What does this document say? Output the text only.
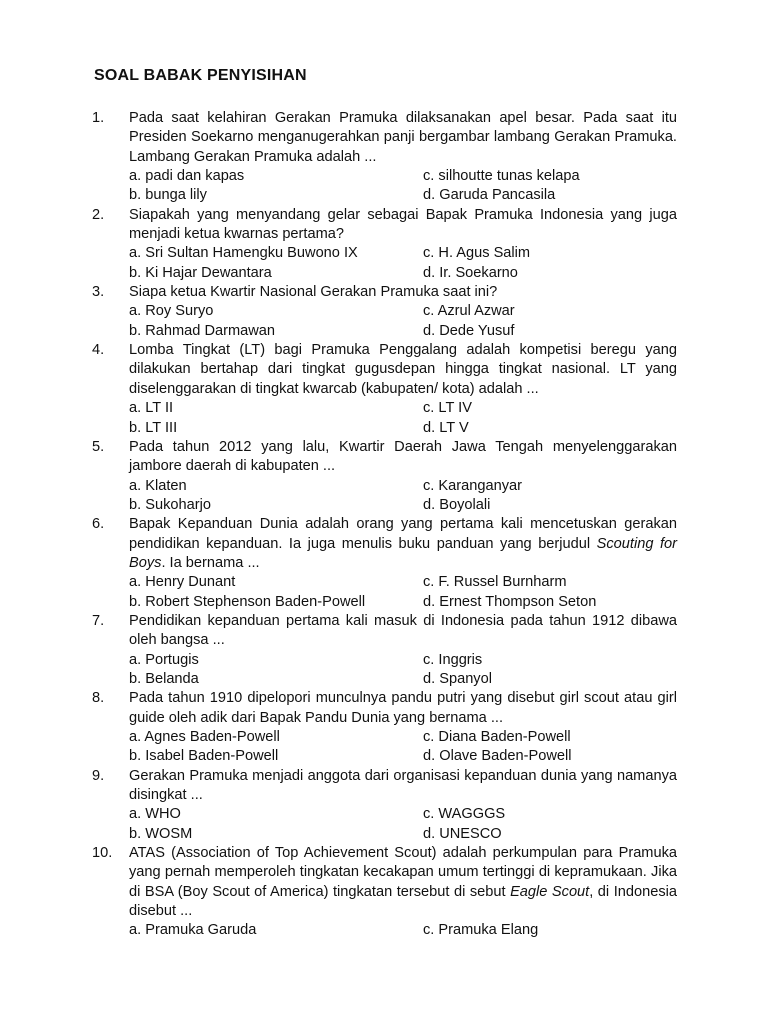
SOAL BABAK PENYISIHAN
1. Pada saat kelahiran Gerakan Pramuka dilaksanakan apel besar. Pada saat itu Presiden Soekarno menganugerahkan panji bergambar lambang Gerakan Pramuka. Lambang Gerakan Pramuka adalah ...
a. padi dan kapas	c. silhoutte tunas kelapa
b. bunga lily	d. Garuda Pancasila
2. Siapakah yang menyandang gelar sebagai Bapak Pramuka Indonesia yang juga menjadi ketua kwarnas pertama?
a. Sri Sultan Hamengku Buwono IX	c. H. Agus Salim
b. Ki Hajar Dewantara	d. Ir. Soekarno
3. Siapa ketua Kwartir Nasional Gerakan Pramuka saat ini?
a. Roy Suryo	c. Azrul Azwar
b. Rahmad Darmawan	d. Dede Yusuf
4. Lomba Tingkat (LT) bagi Pramuka Penggalang adalah kompetisi beregu yang dilakukan bertahap dari tingkat gugusdepan hingga tingkat nasional. LT yang diselenggarakan di tingkat kwarcab (kabupaten/ kota) adalah ...
a. LT II	c. LT IV
b. LT III	d. LT V
5. Pada tahun 2012 yang lalu, Kwartir Daerah Jawa Tengah menyelenggarakan jambore daerah di kabupaten ...
a. Klaten	c. Karanganyar
b. Sukoharjo	d. Boyolali
6. Bapak Kepanduan Dunia adalah orang yang pertama kali mencetuskan gerakan pendidikan kepanduan. Ia juga menulis buku panduan yang berjudul Scouting for Boys. Ia bernama ...
a. Henry Dunant	c. F. Russel Burnharm
b. Robert Stephenson Baden-Powell	d. Ernest Thompson Seton
7. Pendidikan kepanduan pertama kali masuk di Indonesia pada tahun 1912 dibawa oleh bangsa ...
a. Portugis	c. Inggris
b. Belanda	d. Spanyol
8. Pada tahun 1910 dipelopori munculnya pandu putri yang disebut girl scout atau girl guide oleh adik dari Bapak Pandu Dunia yang bernama ...
a. Agnes Baden-Powell	c. Diana Baden-Powell
b. Isabel Baden-Powell	d. Olave Baden-Powell
9. Gerakan Pramuka menjadi anggota dari organisasi kepanduan dunia yang namanya disingkat ...
a. WHO	c. WAGGGS
b. WOSM	d. UNESCO
10. ATAS (Association of Top Achievement Scout) adalah perkumpulan para Pramuka yang pernah memperoleh tingkatan kecakapan umum tertinggi di kepramukaan. Jika di BSA (Boy Scout of America) tingkatan tersebut di sebut Eagle Scout, di Indonesia disebut ...
a. Pramuka Garuda	c. Pramuka Elang
